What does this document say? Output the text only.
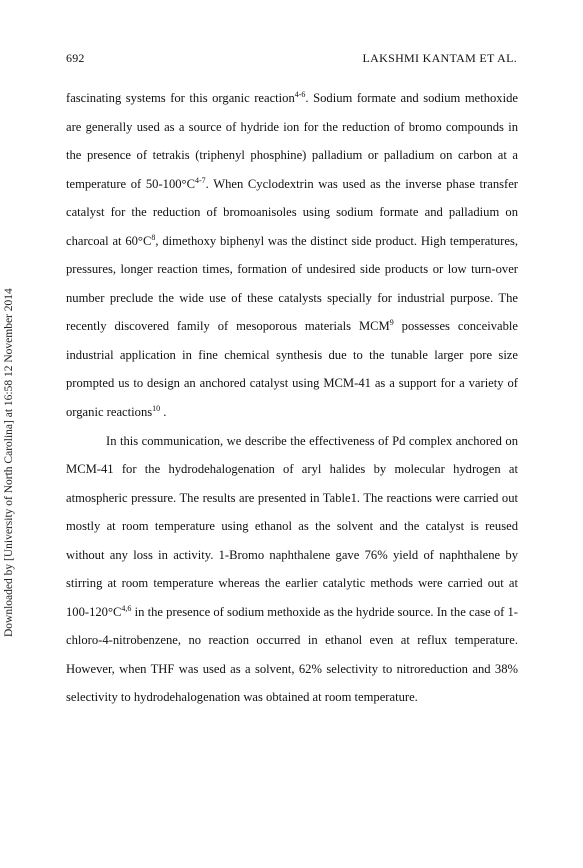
692	LAKSHMI KANTAM ET AL.
Downloaded by [University of North Carolina] at 16:58 12 November 2014

fascinating systems for this organic reaction$^{4-6}$. Sodium formate and sodium methoxide are generally used as a source of hydride ion for the reduction of bromo compounds in the presence of tetrakis (triphenyl phosphine) palladium or palladium on carbon at a temperature of $50-100^\circ C^{4-7}$. When Cyclodextrin was used as the inverse phase transfer catalyst for the reduction of bromoanisoles using sodium formate and palladium on charcoal at $60^\circ C^8$, dimethoxy biphenyl was the distinct side product. High temperatures, pressures, longer reaction times, formation of undesired side products or low turn-over number preclude the wide use of these catalysts specially for industrial purpose. The recently discovered family of mesoporous materials MCM$^9$ possesses conceivable industrial application in fine chemical synthesis due to the tunable larger pore size prompted us to design an anchored catalyst using MCM-41 as a support for a variety of organic reactions$^{10}$ .

In this communication, we describe the effectiveness of Pd complex anchored on MCM-41 for the hydrodehalogenation of aryl halides by molecular hydrogen at atmospheric pressure. The results are presented in Table1. The reactions were carried out mostly at room temperature using ethanol as the solvent and the catalyst is reused without any loss in activity. 1-Bromo naphthalene gave 76% yield of naphthalene by stirring at room temperature whereas the earlier catalytic methods were carried out at $100-120^\circ C^{4,6}$ in the presence of sodium methoxide as the hydride source. In the case of 1-chloro-4-nitrobenzene, no reaction occurred in ethanol even at reflux temperature. However, when THF was used as a solvent, 62% selectivity to nitroreduction and 38% selectivity to hydrodehalogenation was obtained at room temperature.
